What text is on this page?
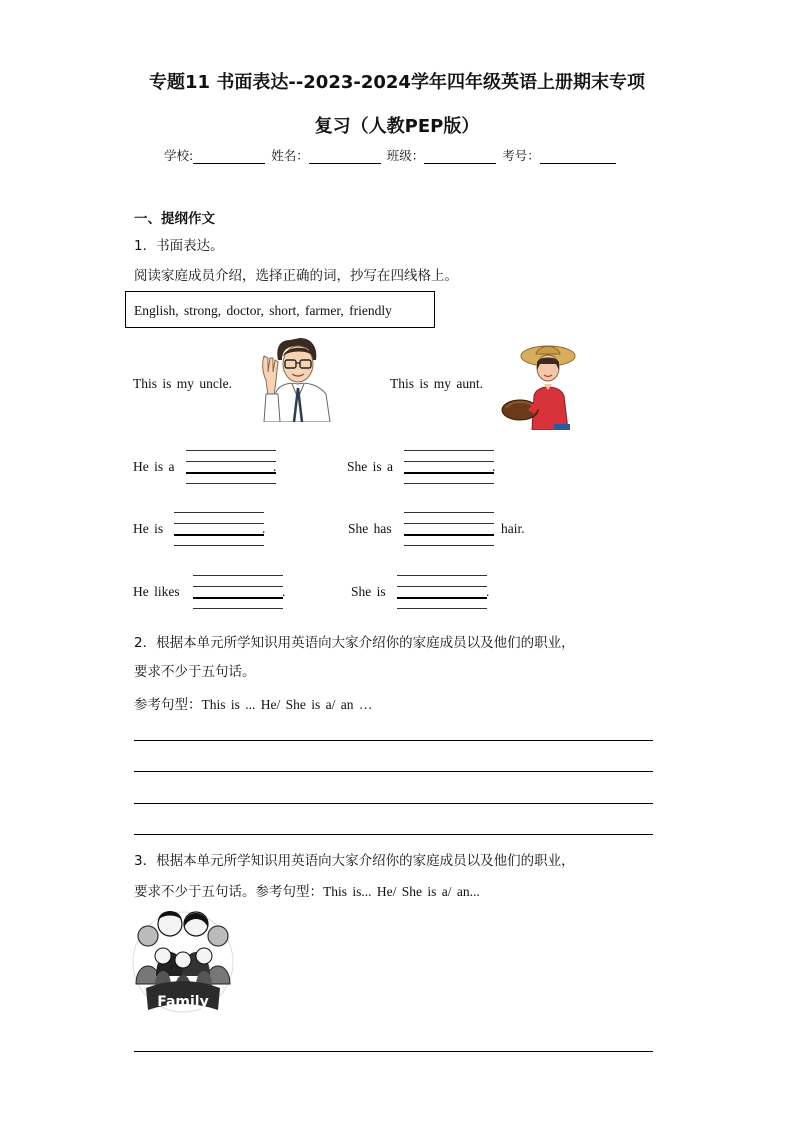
专题11 书面表达--2023-2024学年四年级英语上册期末专项
复习（人教PEP版）
学校:	姓名：	班级：	考号：
一、提纲作文
1．书面表达。
阅读家庭成员介绍，选择正确的词，抄写在四线格上。
English, strong, doctor, short, farmer, friendly
This is my uncle.	This is my aunt.
He is a	.	She is a	.
He is	.	She has	hair.
He likes	.	She is	.
2．根据本单元所学知识用英语向大家介绍你的家庭成员以及他们的职业，
要求不少于五句话。
参考句型：This is ... He/ She is a/ an …
3．根据本单元所学知识用英语向大家介绍你的家庭成员以及他们的职业，
要求不少于五句话。参考句型：This is... He/ She is a/ an...
Family
